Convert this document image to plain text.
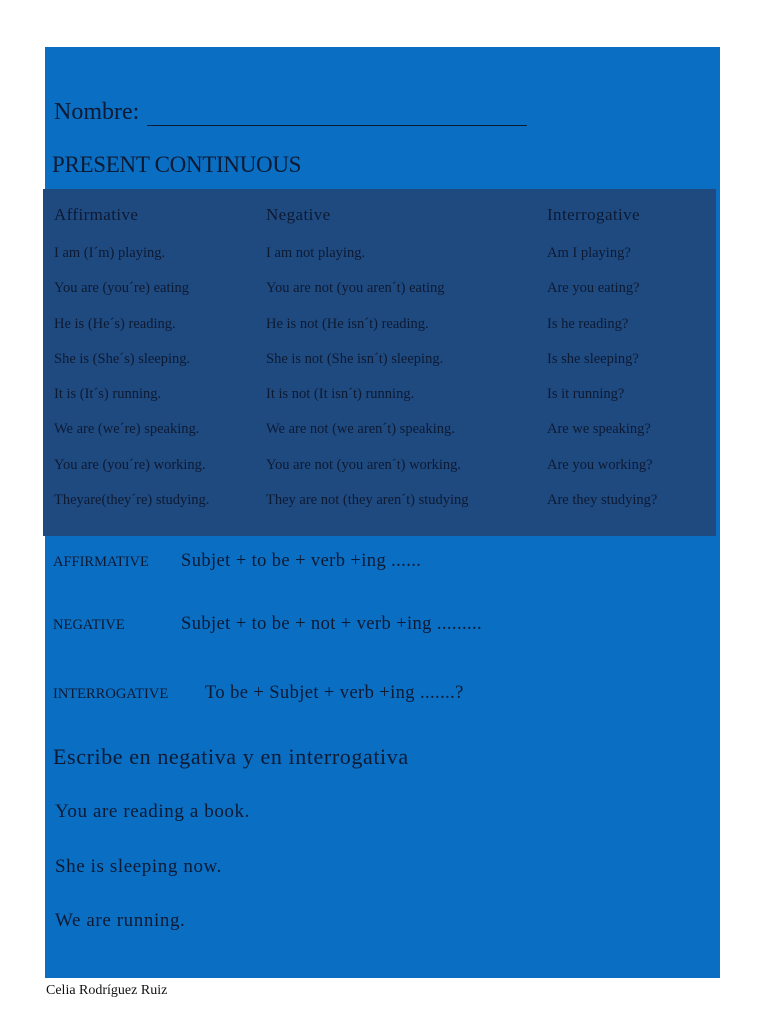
Nombre:
PRESENT CONTINUOUS
Affirmative	Negative	Interrogative
I am (I´m) playing.	I am not playing.	Am I playing?
You are (you´re) eating	You are not (you aren´t) eating	Are you eating?
He is (He´s) reading.	He is not (He isn´t) reading.	Is he reading?
She is (She´s) sleeping.	She is not (She isn´t) sleeping.	Is she sleeping?
It is (It´s) running.	It is not (It isn´t) running.	Is it running?
We are (we´re) speaking.	We are not (we aren´t) speaking.	Are we speaking?
You are (you´re) working.	You are not (you aren´t) working.	Are you working?
Theyare(they´re) studying.	They are not (they aren´t) studying	Are they studying?
AFFIRMATIVE	Subjet + to be + verb +ing ......
NEGATIVE	Subjet + to be + not + verb +ing .........
INTERROGATIVE	To be + Subjet + verb +ing .......?
Escribe en negativa y en interrogativa
You are reading a book.
She is sleeping now.
We are running.
Celia Rodríguez Ruiz
